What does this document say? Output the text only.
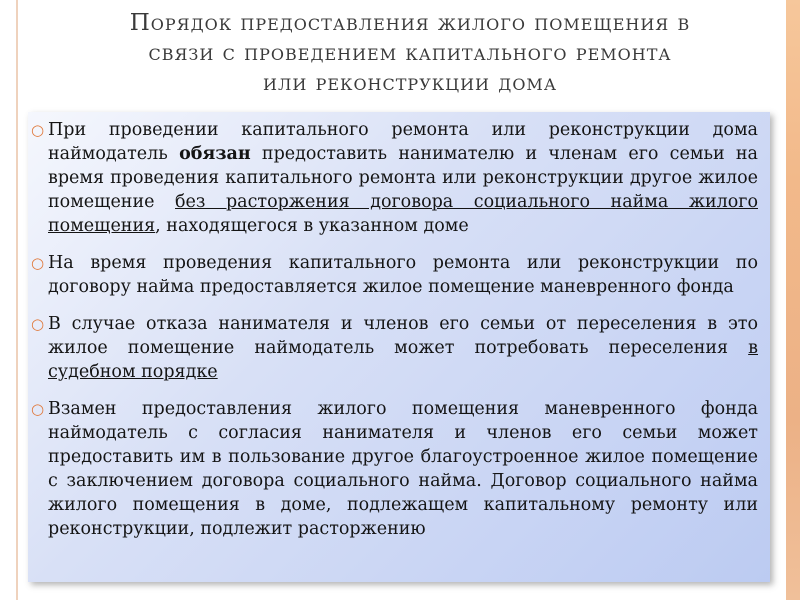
Порядок предоставления жилого помещения в
связи с проведением капитального ремонта
или реконструкции дома
○ При проведении капитального ремонта или реконструкции дома наймодатель обязан предоставить нанимателю и членам его семьи на время проведения капитального ремонта или реконструкции другое жилое помещение без расторжения договора социального найма жилого помещения, находящегося в указанном доме
○ На время проведения капитального ремонта или реконструкции по договору найма предоставляется жилое помещение маневренного фонда
○ В случае отказа нанимателя и членов его семьи от переселения в это жилое помещение наймодатель может потребовать переселения в судебном порядке
○ Взамен предоставления жилого помещения маневренного фонда наймодатель с согласия нанимателя и членов его семьи может предоставить им в пользование другое благоустроенное жилое помещение с заключением договора социального найма. Договор социального найма жилого помещения в доме, подлежащем капитальному ремонту или реконструкции, подлежит расторжению
